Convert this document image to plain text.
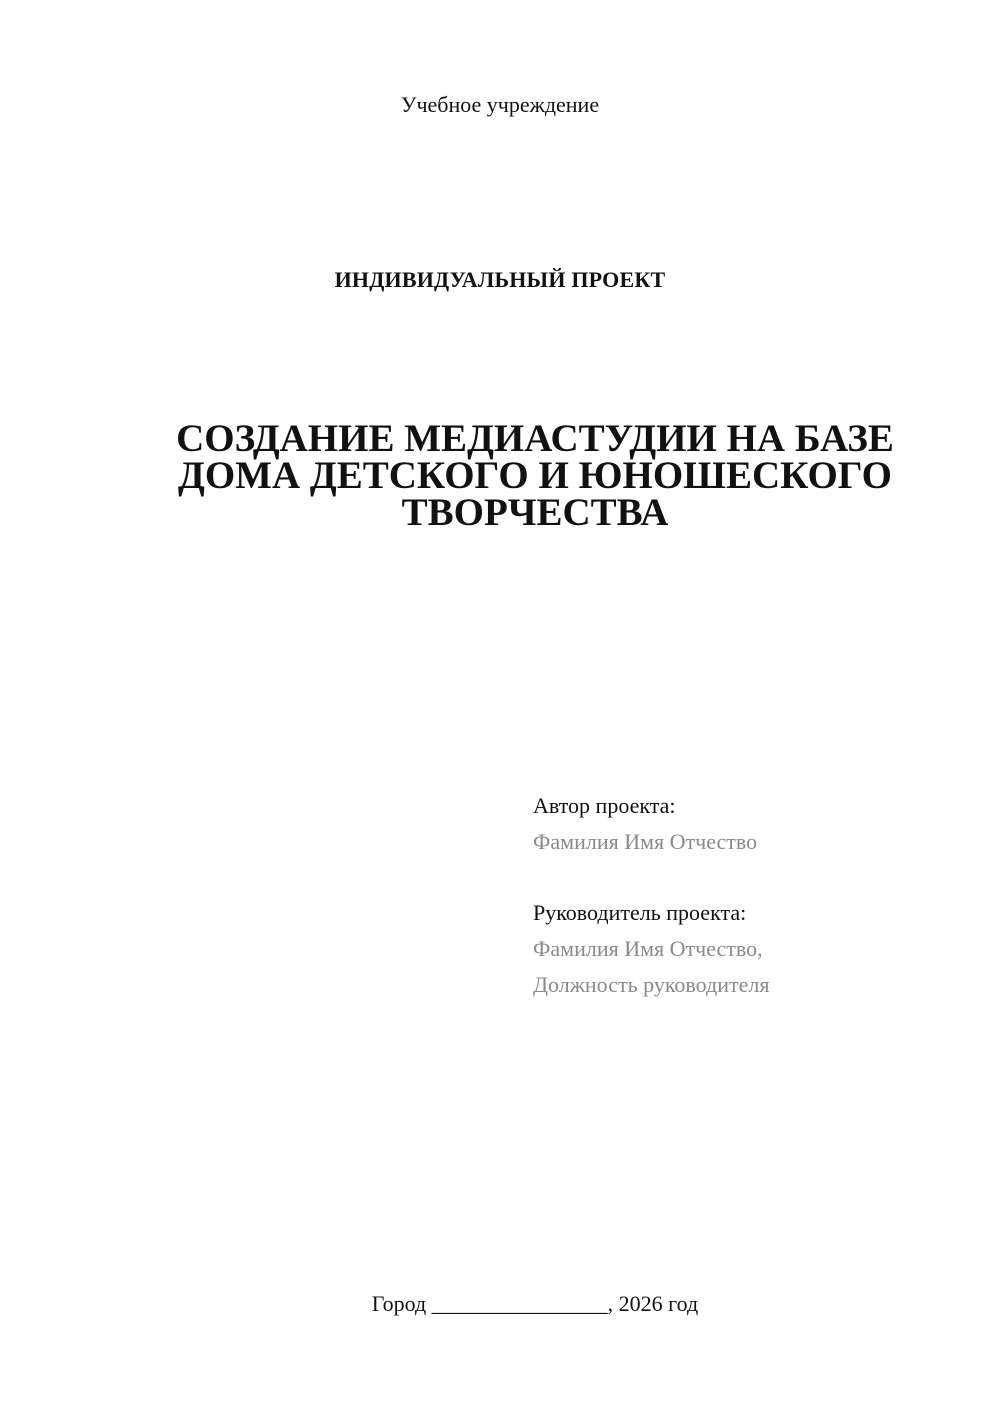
Учебное учреждение
ИНДИВИДУАЛЬНЫЙ ПРОЕКТ
СОЗДАНИЕ МЕДИАСТУДИИ НА БАЗЕ
ДОМА ДЕТСКОГО И ЮНОШЕСКОГО
ТВОРЧЕСТВА
Автор проекта:
Фамилия Имя Отчество
Руководитель проекта:
Фамилия Имя Отчество,
Должность руководителя
Город ________________, 2026 год
